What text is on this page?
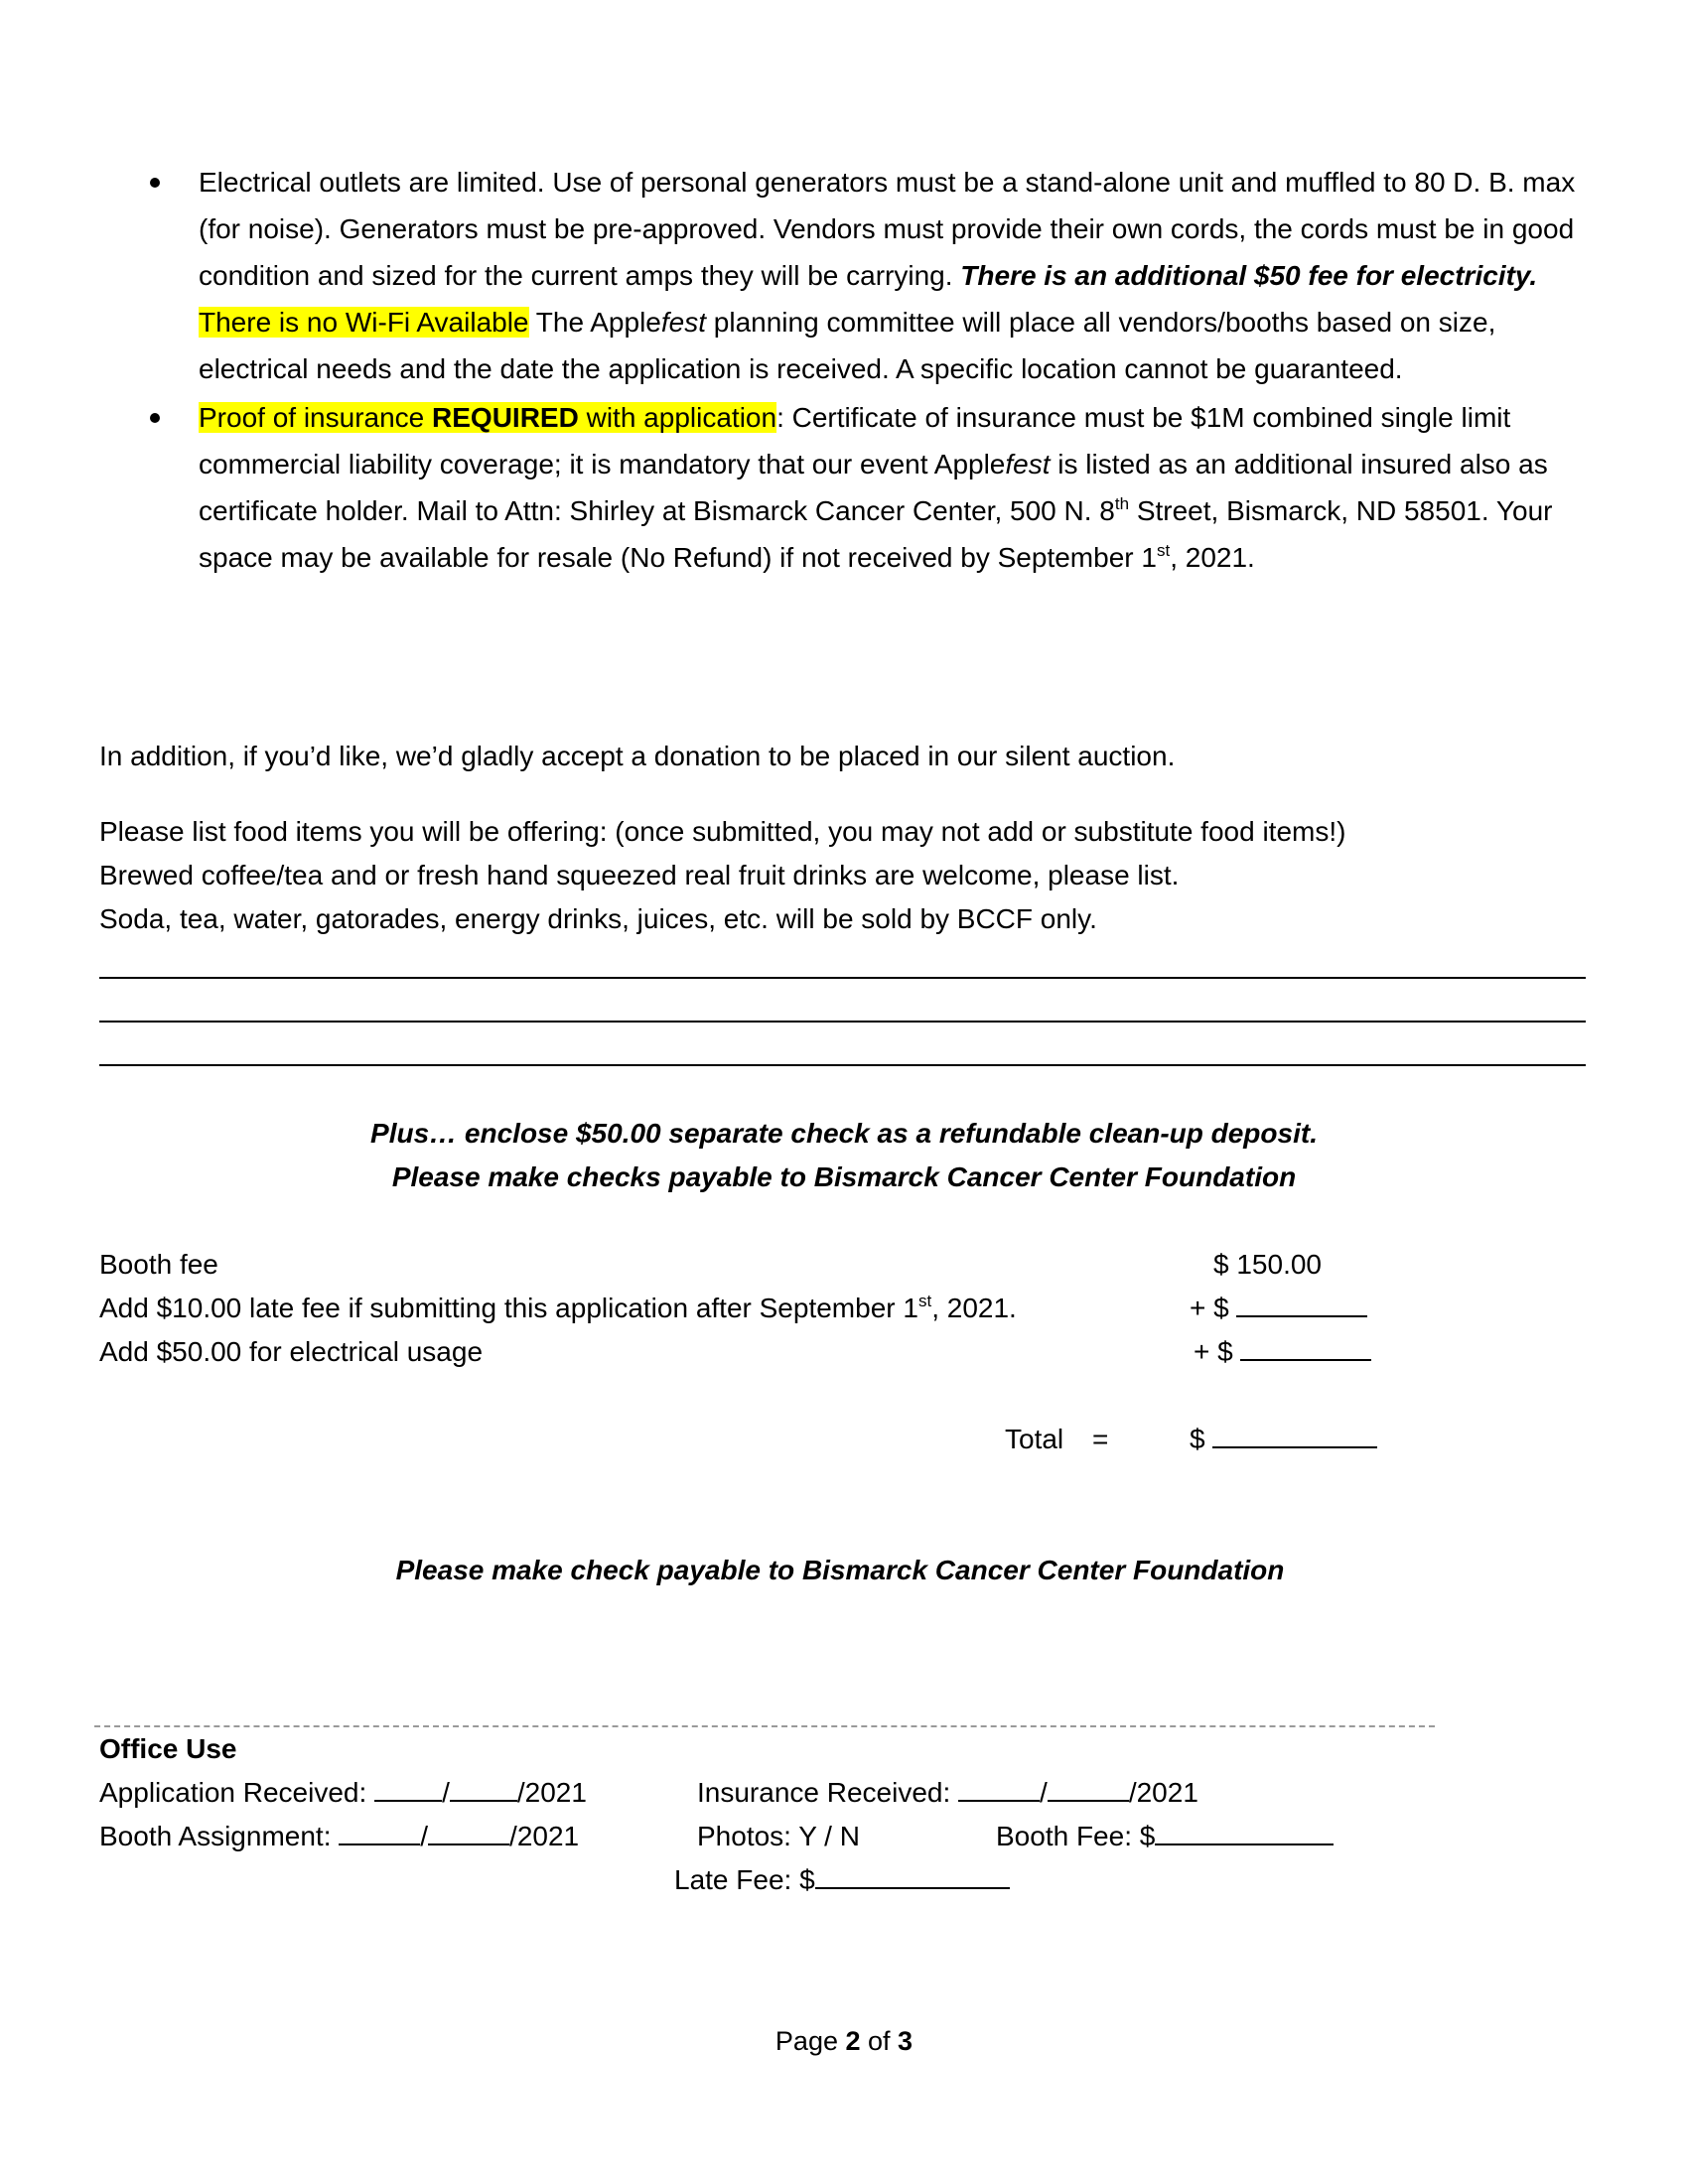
Electrical outlets are limited. Use of personal generators must be a stand-alone unit and muffled to 80 D. B. max (for noise). Generators must be pre-approved. Vendors must provide their own cords, the cords must be in good condition and sized for the current amps they will be carrying. There is an additional $50 fee for electricity.  There is no Wi-Fi Available The Applefest planning committee will place all vendors/booths based on size, electrical needs and the date the application is received. A specific location cannot be guaranteed.
Proof of insurance REQUIRED with application: Certificate of insurance must be $1M combined single limit commercial liability coverage; it is mandatory that our event Applefest is listed as an additional insured also as certificate holder. Mail to Attn: Shirley at Bismarck Cancer Center, 500 N. 8th Street, Bismarck, ND 58501. Your space may be available for resale (No Refund) if not received by September 1st, 2021.
In addition, if you’d like, we’d gladly accept a donation to be placed in our silent auction.
Please list food items you will be offering: (once submitted, you may not add or substitute food items!)
Brewed coffee/tea and or fresh hand squeezed real fruit drinks are welcome, please list.
Soda, tea, water, gatorades, energy drinks, juices, etc. will be sold by BCCF only.
Plus… enclose $50.00 separate check as a refundable clean-up deposit.
Please make checks payable to Bismarck Cancer Center Foundation
Booth fee	$ 150.00
Add $10.00 late fee if submitting this application after September 1st, 2021.	+ $
Add $50.00 for electrical usage	+ $
Total =	$
Please make check payable to Bismarck Cancer Center Foundation
Office Use
Application Received:	/ /2021	Insurance Received:	/	/2021
Booth Assignment:	/	/2021	Photos: Y / N	Booth Fee: $
Late Fee: $
Page 2 of 3
